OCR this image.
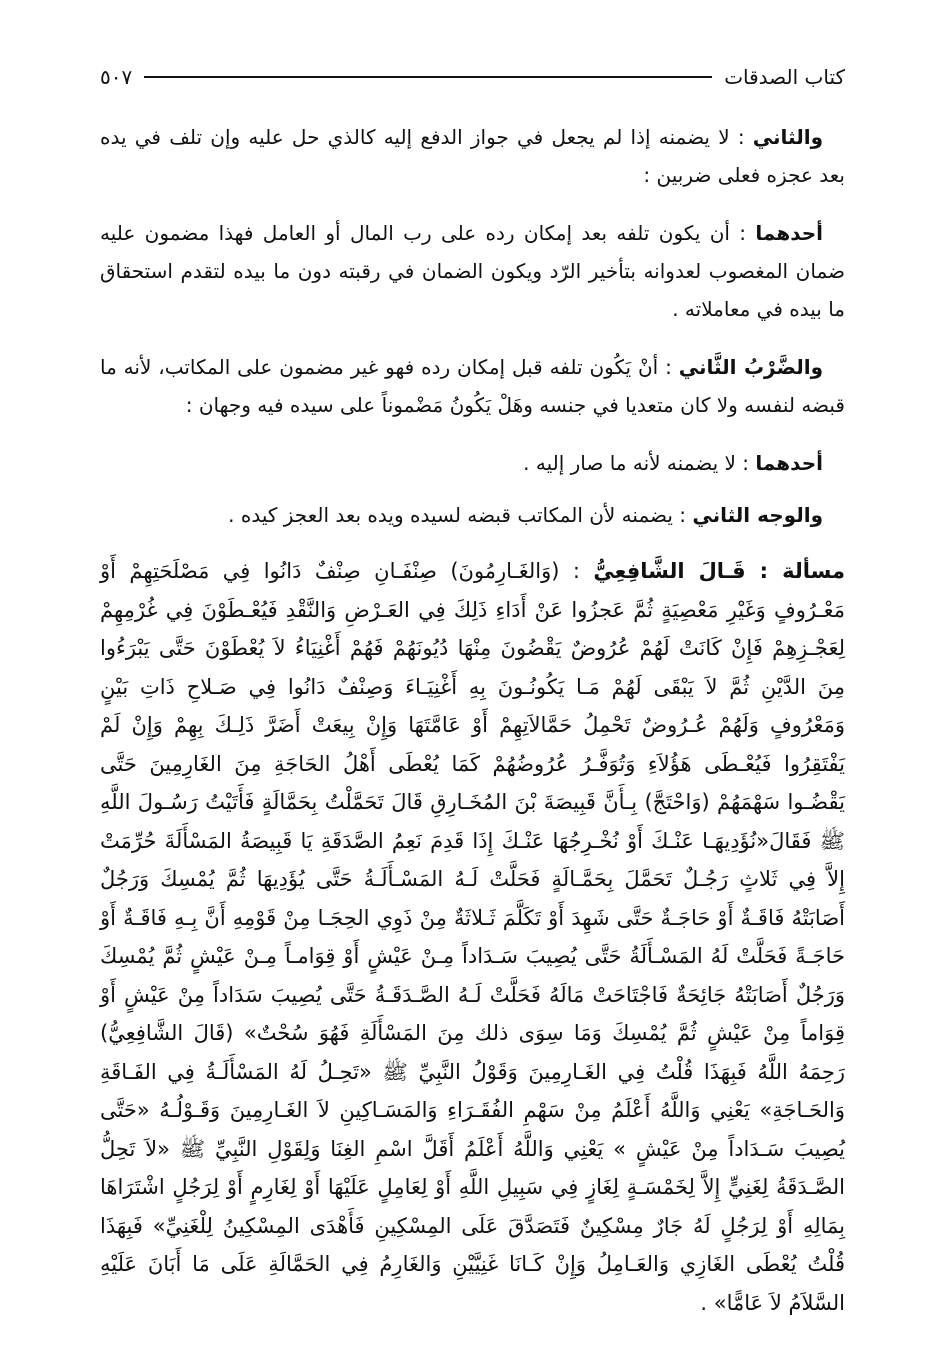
كتاب الصدقات
٥٠٧

والثاني : لا يضمنه إذا لم يجعل في جواز الدفع إليه كالذي حل عليه وإن تلف في يده بعد عجزه فعلى ضربين :

أحدهما : أن يكون تلفه بعد إمكان رده على رب المال أو العامل فهذا مضمون عليه ضمان المغصوب لعدوانه بتأخير الرّد ويكون الضمان في رقبته دون ما بيده لتقدم استحقاق ما بيده في معاملاته .

والضَّرْبُ الثَّاني : أنْ يَكُون تلفه قبل إمكان رده فهو غير مضمون على المكاتب، لأنه ما قبضه لنفسه ولا كان متعديا في جنسه وهَلْ يَكُونُ مَضْموناً على سيده فيه وجهان :

أحدهما : لا يضمنه لأنه ما صار إليه .

والوجه الثاني : يضمنه لأن المكاتب قبضه لسيده ويده بعد العجز كيده .

مسألة : قَـالَ الشَّافِعِيُّ : (وَالغَـارِمُونَ) صِنْفَـانِ صِنْفٌ دَانُوا فِي مَصْلَحَتِهِمْ أَوْ مَعْـرُوفٍ وَغَيْرِ مَعْصِيَةٍ ثُمَّ عَجزُوا عَنْ أَدَاءِ ذَلِكَ فِي العَـرْضِ وَالنَّقْدِ فَيُعْـطَوْنَ فِي غُرْمِهِمْ لِعَجْـزِهِمْ فَإِنْ كَانَتْ لَهُمْ عُرُوضٌ يَقْضُونَ مِنْهَا دُيُونَهُمْ فَهُمْ أَغْنِيَاءُ لاَ يُعْطَوْنَ حَتَّى يَبْرَءُوا مِنَ الدَّيْنِ ثُمَّ لاَ يَبْقَى لَهُمْ مَـا يَكُونُـونَ بِهِ أَغْنِيَـاءَ وَصِنْفٌ دَانُوا فِي صَـلاحِ ذَاتِ بَيْنٍ وَمَعْرُوفٍ وَلَهُمْ عُـرُوضٌ تَحْمِلُ حَمَّالاَتِهِمْ أَوْ عَامَّتَهَا وَإِنْ بِيعَتْ أَضَرَّ ذَلِـكَ بِهِمْ وَإِنْ لَمْ يَفْتَقِرُوا فَيُعْـطَى هَؤُلاَءِ وَتُوَفَّـرُ عُرُوضُهُمْ كَمَا يُعْطَى أَهْلُ الحَاجَةِ مِنَ الغَارِمِينَ حَتَّى يَقْضُـوا سَهْمَهُمْ (وَاحْتَجَّ) بِـأَنَّ قَبِيصَةَ بْنَ المُخَـارِقِ قَالَ تَحَمَّلْتُ بِحَمَّالَةٍ فَأَتَيْتُ رَسُـولَ اللَّهِ ﷺ فَقَالَ«نُؤَدِيهَـا عَنْـكَ أَوْ نُخْـرِجُهَا عَنْـكَ إِذَا قَدِمَ نَعِمُ الصَّدَقَةِ يَا قَبِيصَةُ المَسْأَلَةَ حُرِّمَتْ إِلاَّ فِي ثَلاثٍ رَجُـلٌ تَحَمَّلَ بِحَمَّـالَةٍ فَحَلَّتْ لَـهُ المَسْـأَلَـةُ حَتَّى يُؤَدِيهَا ثُمَّ يُمْسِكَ وَرَجُلٌ أَصَابَتْهُ فَاقَـةٌ أَوْ حَاجَـةٌ حَتَّى شَهِدَ أَوْ تَكَلَّمَ ثَـلاثَةٌ مِنْ ذَوِي الحِجَـا مِنْ قَوْمِهِ أَنَّ بِـهِ فَاقَـةٌ أَوْ حَاجَـةً فَحَلَّتْ لَهُ المَسْـأَلَةُ حَتَّى يُصِيبَ سَـدَاداً مِـنْ عَيْشٍ أَوْ قِوَامـاً مِـنْ عَيْشٍ ثُمَّ يُمْسِكَ وَرَجُلٌ أَصَابَتْهُ جَائِحَةٌ فَاجْتَاحَتْ مَالَهُ فَحَلَّتْ لَـهُ الصَّـدَقَـةُ حَتَّى يُصِيبَ سَدَاداً مِنْ عَيْشٍ أَوْ قِوَاماً مِنْ عَيْشٍ ثُمَّ يُمْسِكَ وَمَا سِوَى ذلك مِنَ المَسْأَلَةِ فَهُوَ سُحْتٌ» (قَالَ الشَّافِعِيُّ) رَحِمَهُ اللَّهُ فَبِهَذَا قُلْتُ فِي الغَـارِمِينَ وَقَوْلُ النَّبِيِّ ﷺ «تَحِـلُ لَهُ المَسْأَلَـةُ فِي الفَـاقَةِ وَالحَـاجَةِ» يَعْنِي وَاللَّهُ أَعْلَمُ مِنْ سَهْمِ الفُقَـرَاءِ وَالمَسَـاكِينِ لاَ الغَـارِمِينَ وَقَـوْلُـهُ «حَتَّى يُصِيبَ سَـدَاداً مِنْ عَيْشٍ » يَعْنِي وَاللَّهُ أَعْلَمُ أَقَلَّ اسْمِ الغِنَا وَلِقَوْلِ النَّبِيِّ ﷺ «لاَ تَحِلُّ الصَّـدَقَةُ لِغَنِيٍّ إِلاَّ لِخَمْسَـةٍ لِغَازٍ فِي سَبِيلِ اللَّهِ أَوْ لِعَامِلٍ عَلَيْهَا أَوْ لِغَارِمٍ أَوْ لِرَجُلٍ اشْتَرَاهَا بِمَالِهِ أَوْ لِرَجُلٍ لَهُ جَارٌ مِسْكِينٌ فَتَصَدَّقَ عَلَى المِسْكِينِ فَأَهْدَى المِسْكِينُ لِلْغَنِيِّ» فَبِهَذَا قُلْتُ يُعْطَى الغَازِي وَالعَـامِلُ وَإِنْ كَـانَا غَنِيَّيْنِ وَالغَارِمُ فِي الحَمَّالَةِ عَلَى مَا أَبَانَ عَلَيْهِ السَّلاَمُ لاَ عَامًّا» .
